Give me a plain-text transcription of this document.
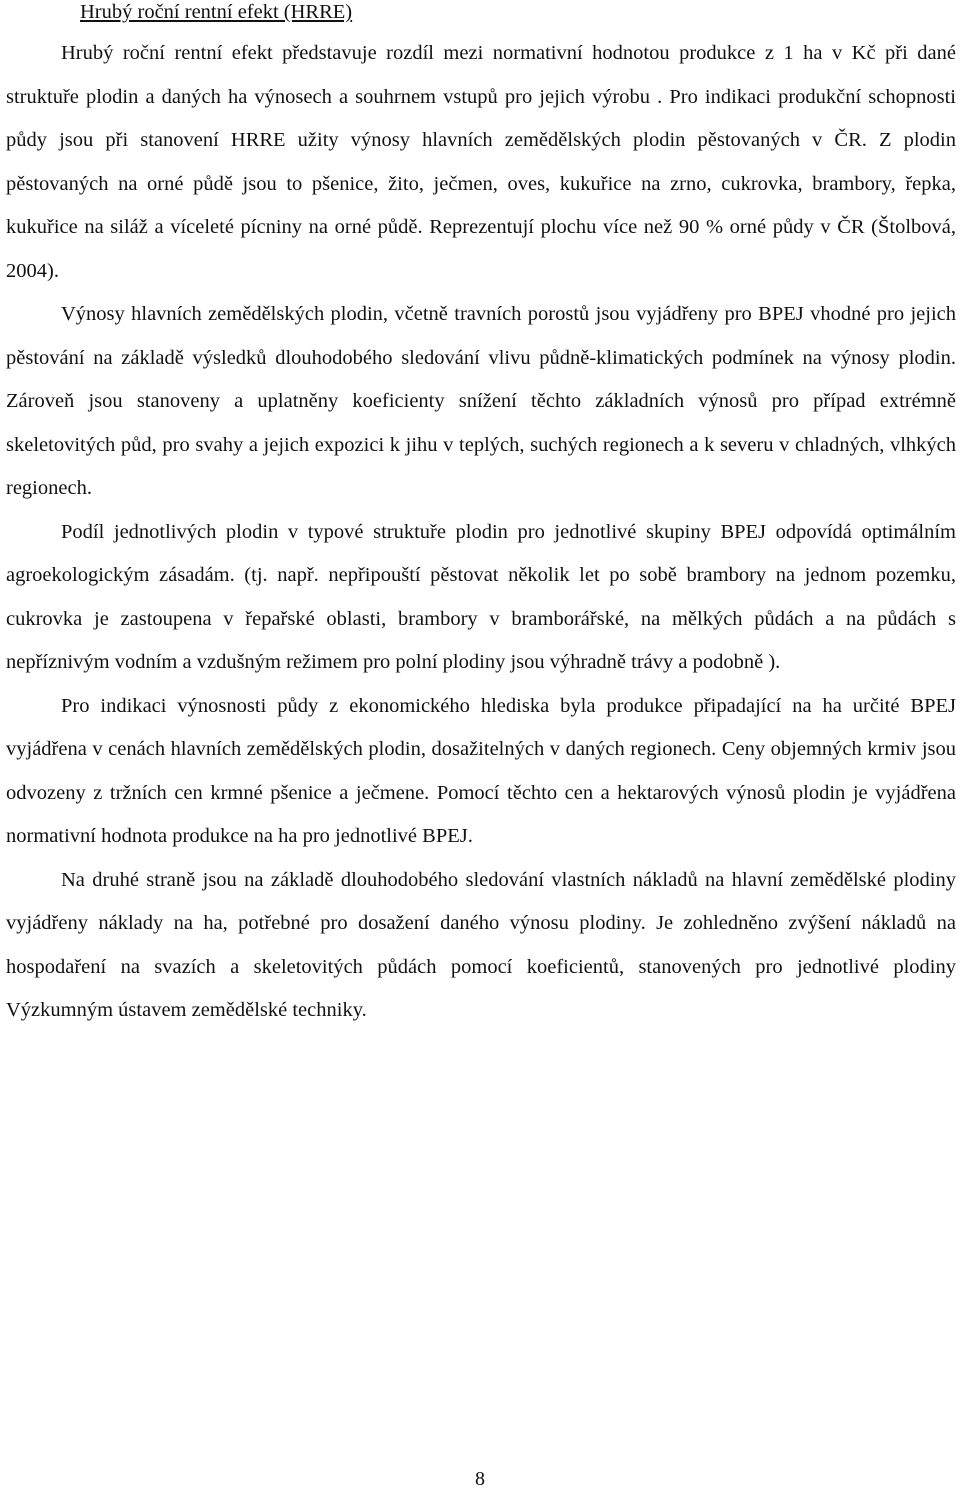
Hrubý roční rentní efekt (HRRE)

Hrubý roční rentní efekt představuje rozdíl mezi normativní hodnotou produkce z 1 ha v Kč při dané struktuře plodin a daných ha výnosech a souhrnem vstupů pro jejich výrobu . Pro indikaci produkční schopnosti půdy jsou při stanovení HRRE užity výnosy hlavních zemědělských plodin pěstovaných v ČR. Z plodin pěstovaných na orné půdě jsou to pšenice, žito, ječmen, oves, kukuřice na zrno, cukrovka, brambory, řepka, kukuřice na siláž a víceleté pícniny na orné půdě. Reprezentují plochu více než 90 % orné půdy v ČR (Štolbová, 2004).

Výnosy hlavních zemědělských plodin, včetně travních porostů jsou vyjádřeny pro BPEJ vhodné pro jejich pěstování na základě výsledků dlouhodobého sledování vlivu půdně-klimatických podmínek na výnosy plodin. Zároveň jsou stanoveny a uplatněny koeficienty snížení těchto základních výnosů pro případ extrémně skeletovitých půd, pro svahy a jejich expozici k jihu v teplých, suchých regionech a k severu v chladných, vlhkých regionech.

Podíl jednotlivých plodin v typové struktuře plodin pro jednotlivé skupiny BPEJ odpovídá optimálním agroekologickým zásadám. (tj. např. nepřipouští pěstovat několik let po sobě brambory na jednom pozemku, cukrovka je zastoupena v řepařské oblasti, brambory v bramborářské, na mělkých půdách a na půdách s nepříznivým vodním a vzdušným režimem pro polní plodiny jsou výhradně trávy a podobně ).

Pro indikaci výnosnosti půdy z ekonomického hlediska byla produkce připadající na ha určité BPEJ vyjádřena v cenách hlavních zemědělských plodin, dosažitelných v daných regionech. Ceny objemných krmiv jsou odvozeny z tržních cen krmné pšenice a ječmene. Pomocí těchto cen a hektarových výnosů plodin je vyjádřena normativní hodnota produkce na ha pro jednotlivé BPEJ.

Na druhé straně jsou na základě dlouhodobého sledování vlastních nákladů na hlavní zemědělské plodiny vyjádřeny náklady na ha, potřebné pro dosažení daného výnosu plodiny. Je zohledněno zvýšení nákladů na hospodaření na svazích a skeletovitých půdách pomocí koeficientů, stanovených pro jednotlivé plodiny Výzkumným ústavem zemědělské techniky.

8
